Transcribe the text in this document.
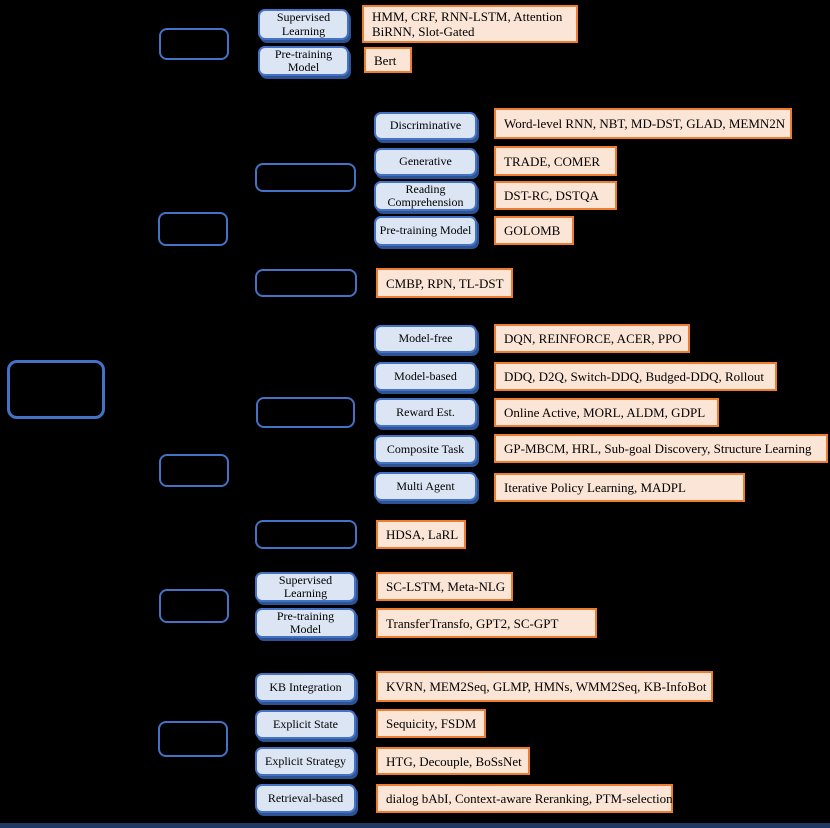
Supervised Learning
HMM, CRF, RNN-LSTM, Attention BiRNN, Slot-Gated
Pre-training Model	Bert
Discriminative	Word-level RNN, NBT, MD-DST, GLAD, MEMN2N
Generative	TRADE, COMER
Reading Comprehension	DST-RC, DSTQA
Pre-training Model	GOLOMB
CMBP, RPN, TL-DST
Model-free	DQN, REINFORCE, ACER, PPO
Model-based	DDQ, D2Q, Switch-DDQ, Budged-DDQ, Rollout
Reward Est.	Online Active, MORL, ALDM, GDPL
Composite Task	GP-MBCM, HRL, Sub-goal Discovery, Structure Learning
Multi Agent	Iterative Policy Learning, MADPL
HDSA, LaRL
Supervised Learning	SC-LSTM, Meta-NLG
Pre-training Model	TransferTransfo, GPT2, SC-GPT
KB Integration	KVRN, MEM2Seq, GLMP, HMNs, WMM2Seq, KB-InfoBot
Explicit State	Sequicity, FSDM
Explicit Strategy	HTG, Decouple, BoSsNet
Retrieval-based	dialog bAbI, Context-aware Reranking, PTM-selection
